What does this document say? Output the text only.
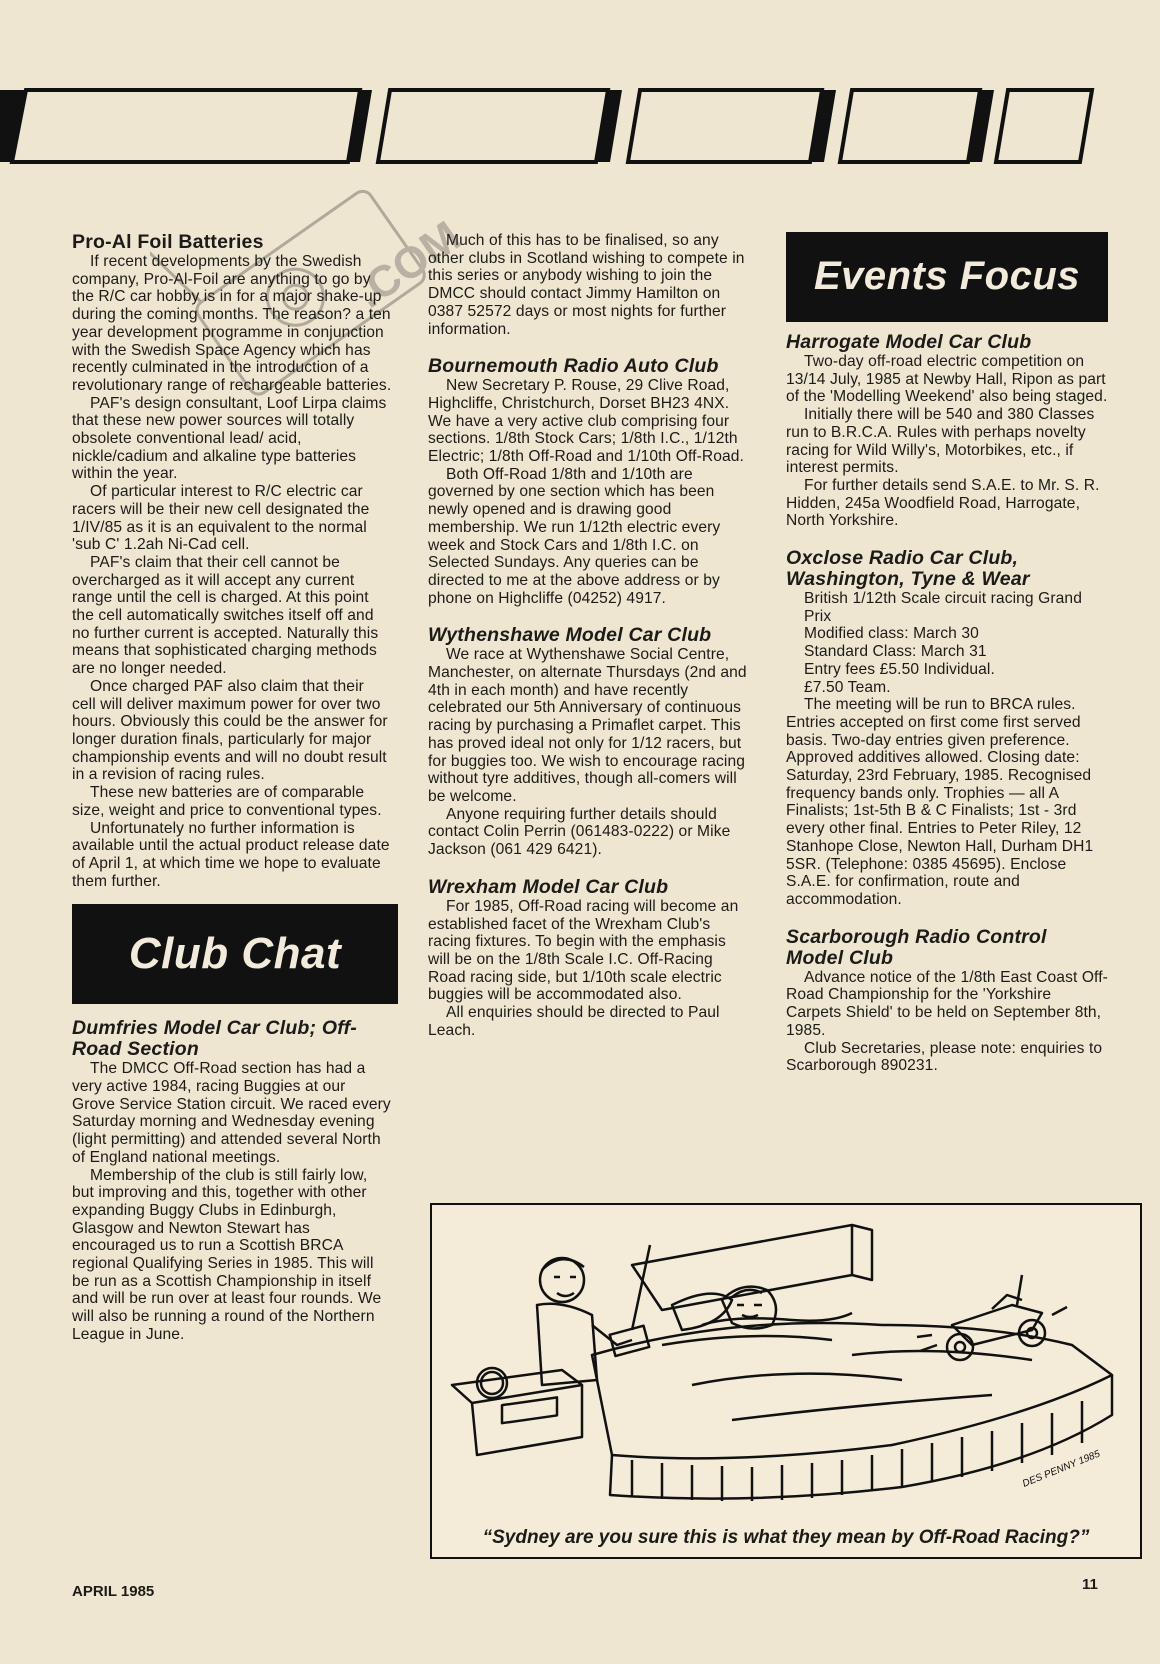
.COM
Pro-Al Foil Batteries

If recent developments by the Swedish company, Pro-Al-Foil are anything to go by the R/C car hobby is in for a major shake-up during the coming months. The reason? a ten year development programme in conjunction with the Swedish Space Agency which has recently culminated in the introduction of a revolutionary range of rechargeable batteries.

PAF's design consultant, Loof Lirpa claims that these new power sources will totally obsolete conventional lead/ acid, nickle/cadium and alkaline type batteries within the year.

Of particular interest to R/C electric car racers will be their new cell designated the 1/IV/85 as it is an equivalent to the normal 'sub C' 1.2ah Ni-Cad cell.

PAF's claim that their cell cannot be overcharged as it will accept any current range until the cell is charged. At this point the cell automatically switches itself off and no further current is accepted. Naturally this means that sophisticated charging methods are no longer needed.

Once charged PAF also claim that their cell will deliver maximum power for over two hours. Obviously this could be the answer for longer duration finals, particularly for major championship events and will no doubt result in a revision of racing rules.

These new batteries are of comparable size, weight and price to conventional types.

Unfortunately no further information is available until the actual product release date of April 1, at which time we hope to evaluate them further.

Club Chat
Dumfries Model Car Club; Off-Road Section

The DMCC Off-Road section has had a very active 1984, racing Buggies at our Grove Service Station circuit. We raced every Saturday morning and Wednesday evening (light permitting) and attended several North of England national meetings.

Membership of the club is still fairly low, but improving and this, together with other expanding Buggy Clubs in Edinburgh, Glasgow and Newton Stewart has encouraged us to run a Scottish BRCA regional Qualifying Series in 1985. This will be run as a Scottish Championship in itself and will be run over at least four rounds. We will also be running a round of the Northern League in June.

Much of this has to be finalised, so any other clubs in Scotland wishing to compete in this series or anybody wishing to join the DMCC should contact Jimmy Hamilton on 0387 52572 days or most nights for further information.

Bournemouth Radio Auto Club

New Secretary P. Rouse, 29 Clive Road, Highcliffe, Christchurch, Dorset BH23 4NX. We have a very active club comprising four sections. 1/8th Stock Cars; 1/8th I.C., 1/12th Electric; 1/8th Off-Road and 1/10th Off-Road.

Both Off-Road 1/8th and 1/10th are governed by one section which has been newly opened and is drawing good membership. We run 1/12th electric every week and Stock Cars and 1/8th I.C. on Selected Sundays. Any queries can be directed to me at the above address or by phone on Highcliffe (04252) 4917.

Wythenshawe Model Car Club

We race at Wythenshawe Social Centre, Manchester, on alternate Thursdays (2nd and 4th in each month) and have recently celebrated our 5th Anniversary of continuous racing by purchasing a Primaflet carpet. This has proved ideal not only for 1/12 racers, but for buggies too. We wish to encourage racing without tyre additives, though all-comers will be welcome.

Anyone requiring further details should contact Colin Perrin (061483-0222) or Mike Jackson (061 429 6421).

Wrexham Model Car Club

For 1985, Off-Road racing will become an established facet of the Wrexham Club's racing fixtures. To begin with the emphasis will be on the 1/8th Scale I.C. Off-Racing Road racing side, but 1/10th scale electric buggies will be accommodated also.

All enquiries should be directed to Paul Leach.

Events Focus
Harrogate Model Car Club

Two-day off-road electric competition on 13/14 July, 1985 at Newby Hall, Ripon as part of the 'Modelling Weekend' also being staged.

Initially there will be 540 and 380 Classes run to B.R.C.A. Rules with perhaps novelty racing for Wild Willy's, Motorbikes, etc., if interest permits.

For further details send S.A.E. to Mr. S. R. Hidden, 245a Woodfield Road, Harrogate, North Yorkshire.

Oxclose Radio Car Club, Washington, Tyne & Wear

British 1/12th Scale circuit racing Grand Prix

Modified class: March 30

Standard Class: March 31

Entry fees £5.50 Individual.

£7.50 Team.

The meeting will be run to BRCA rules. Entries accepted on first come first served basis. Two-day entries given preference. Approved additives allowed. Closing date: Saturday, 23rd February, 1985. Recognised frequency bands only. Trophies — all A Finalists; 1st-5th B & C Finalists; 1st - 3rd every other final. Entries to Peter Riley, 12 Stanhope Close, Newton Hall, Durham DH1 5SR. (Telephone: 0385 45695). Enclose S.A.E. for confirmation, route and accommodation.

Scarborough Radio Control Model Club

Advance notice of the 1/8th East Coast Off-Road Championship for the 'Yorkshire Carpets Shield' to be held on September 8th, 1985.

Club Secretaries, please note: enquiries to Scarborough 890231.

DES PENNY 1985
“Sydney are you sure this is what they mean by Off-Road Racing?”
APRIL 1985	11
